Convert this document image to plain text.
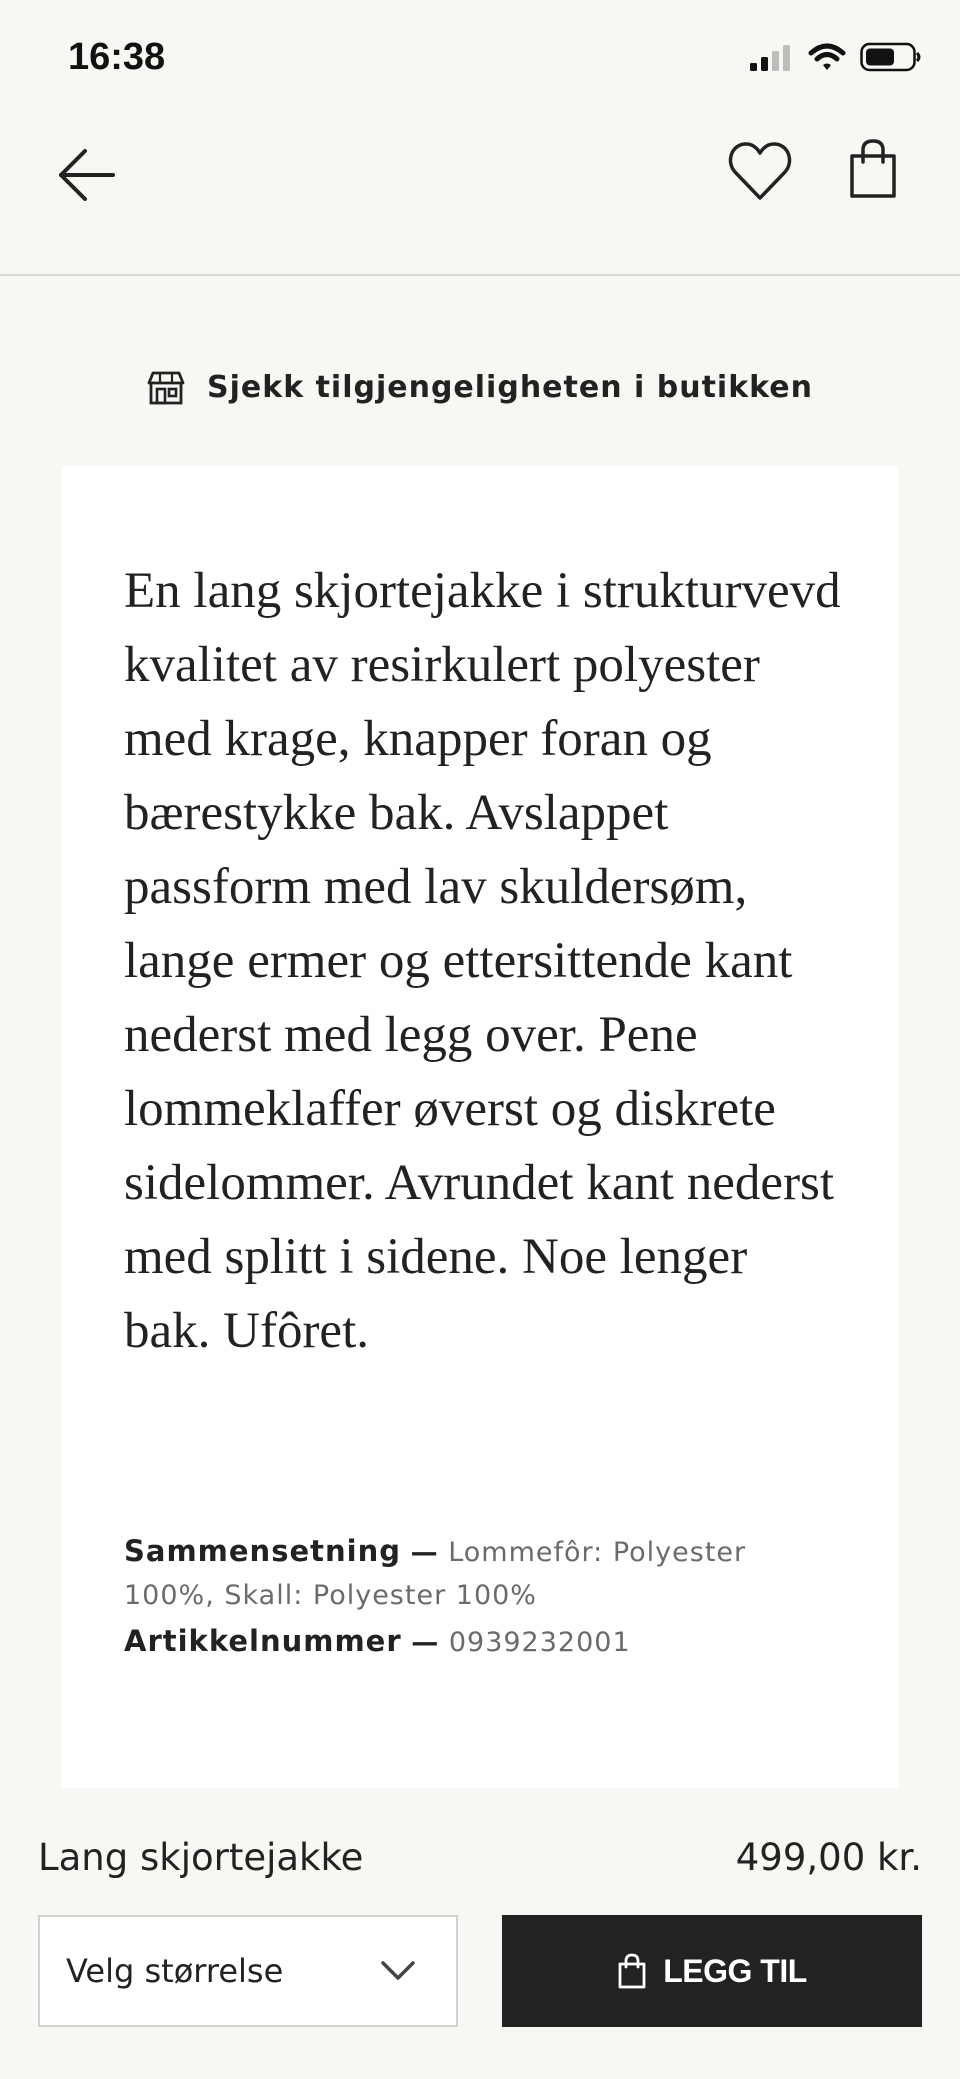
16:38
Sjekk tilgjengeligheten i butikken

En lang skjortejakke i strukturvevd kvalitet av resirkulert polyester med krage, knapper foran og bærestykke bak. Avslappet passform med lav skuldersøm, lange ermer og ettersittende kant nederst med legg over. Pene lommeklaffer øverst og diskrete sidelommer. Avrundet kant nederst med splitt i sidene. Noe lenger bak. Ufôret.

Sammensetning — Lommefôr: Polyester 100%, Skall: Polyester 100%
Artikkelnummer — 0939232001
Lang skjortejakke	499,00 kr.
Velg størrelse	LEGG TIL
